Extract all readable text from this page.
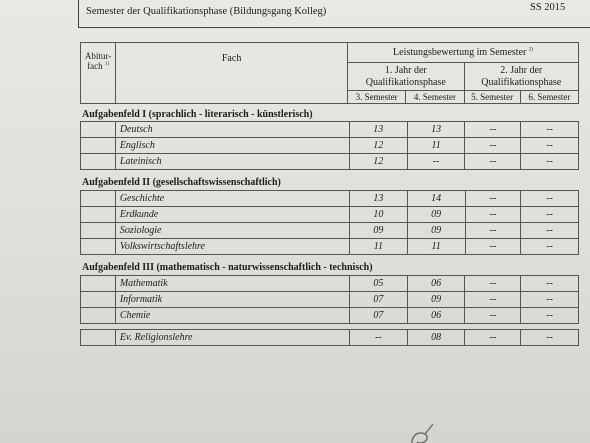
Semester der Qualifikationsphase (Bildungsgang Kolleg)	SS 2015
Abitur-
fach $^{1)}$	Fach	Leistungsbewertung im Semester $^{2)}$
		1. Jahr der
Qualifikationsphase		2. Jahr der
Qualifikationsphase	
		3. Semester	4. Semester	5. Semester	6. Semester
Aufgabenfeld I (sprachlich - literarisch - künstlerisch)
	Deutsch	13	13	--	--
	Englisch	12	11	--	--
	Lateinisch	12	--	--	--
Aufgabenfeld II (gesellschaftswissenschaftlich)
	Geschichte	13	14	--	--
	Erdkunde	10	09	--	--
	Soziologie	09	09	--	--
	Volkswirtschaftslehre	11	11	--	--
Aufgabenfeld III (mathematisch - naturwissenschaftlich - technisch)
	Mathematik	05	06	--	--
	Informatik	07	09	--	--
	Chemie	07	06	--	--
	Ev. Religionslehre	--	08	--	--
